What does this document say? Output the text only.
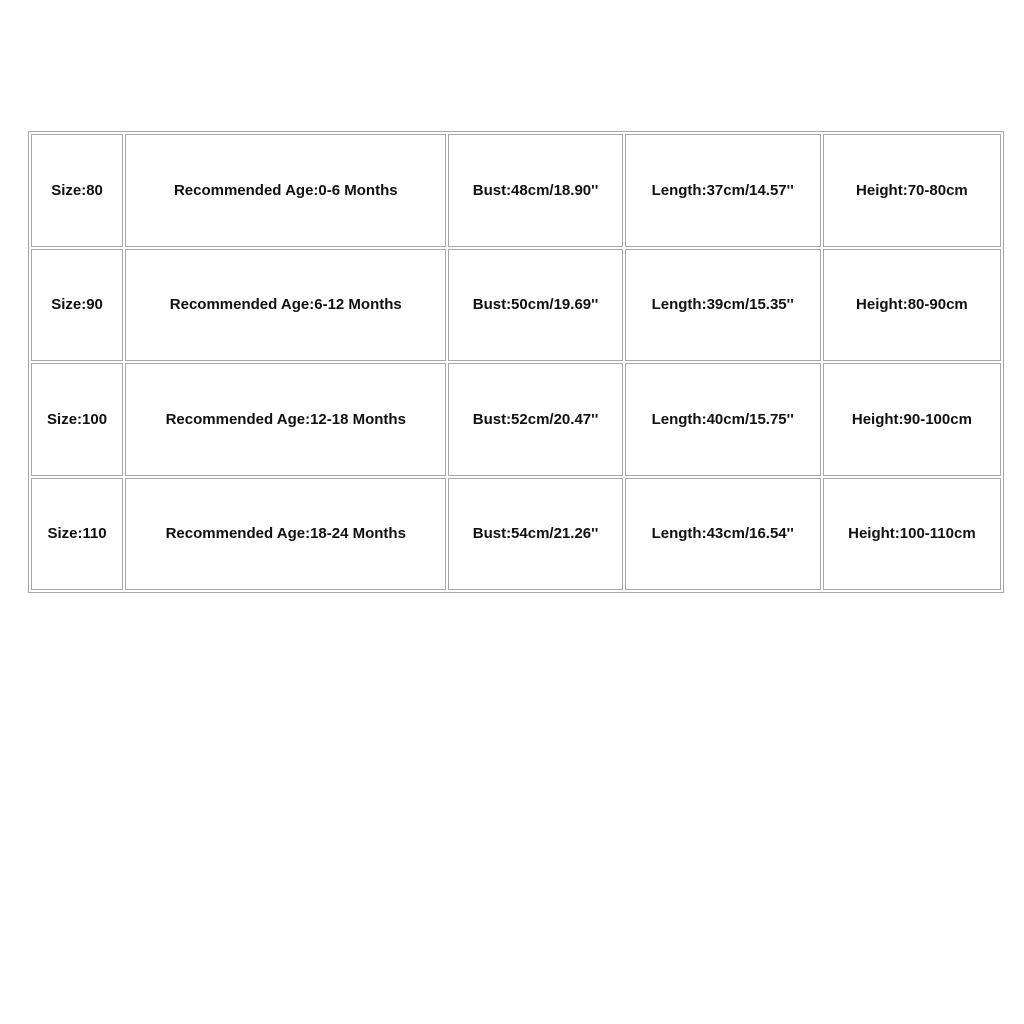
Size:80	Recommended Age:0-6 Months	Bust:48cm/18.90''	Length:37cm/14.57''	Height:70-80cm
Size:90	Recommended Age:6-12 Months	Bust:50cm/19.69''	Length:39cm/15.35''	Height:80-90cm
Size:100	Recommended Age:12-18 Months	Bust:52cm/20.47''	Length:40cm/15.75''	Height:90-100cm
Size:110	Recommended Age:18-24 Months	Bust:54cm/21.26''	Length:43cm/16.54''	Height:100-110cm
